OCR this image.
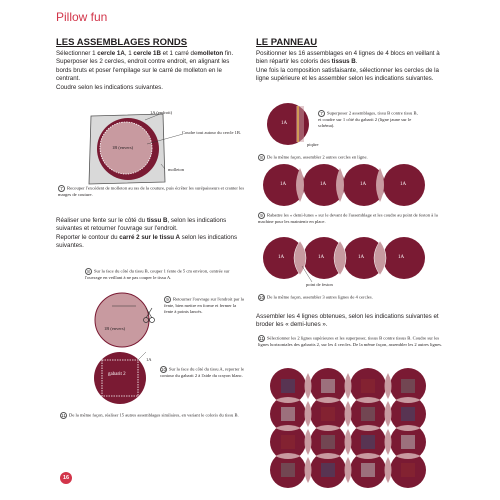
Pillow fun
LES ASSEMBLAGES RONDS
Sélectionner 1 cercle 1A, 1 cercle 1B et 1 carré demolleton fin.
Superposer les 2 cercles, endroit contre endroit, en alignant les bords bruts et poser l'empilage sur le carré de molleton en le centrant.
Coudre selon les indications suivantes.
1A (endroit)
1B (envers)
Coudre tout autour du cercle 1B.
molleton
7 Recouper l'excédent de molleton au ras de la couture, puis écrêter les surépaisseurs et cranter les marges de couture.
Réaliser une fente sur le côté du tissu B, selon les indications suivantes et retourner l'ouvrage sur l'endroit.
Reporter le contour du carré 2 sur le tissu A selon les indications suivantes.
8 Sur la face du côté du tissu B, couper 1 fente de 5 cm environ, centrée sur l'ouvrage en veillant à ne pas couper le tissu A.
1B (envers)
9 Retourner l'ouvrage sur l'endroit par la fente, bien mettre en forme et fermer la fente à points lancés.
gabarit 2
1A
10 Sur la face du côté du tissu A, reporter le contour du gabarit 2 à l'aide du crayon blanc.
11 De la même façon, réaliser 15 autres assemblages similaires, en variant le coloris du tissu B.
LE PANNEAU
Positionner les 16 assemblages en 4 lignes de 4 blocs en veillant à bien répartir les coloris des tissus B.
Une fois la composition satisfaisante, sélectionner les cercles de la ligne supérieure et les assembler selon les indications suivantes.
1A
piqûre
7 Superposer 2 assemblages, tissu B contre tissu B, et coudre sur 1 côté du gabarit 2 (ligne jaune sur le schéma).
8 De la même façon, assembler 2 autres cercles en ligne.
1A	1A	1A	1A
9 Rabattre les « demi-lunes » sur le devant de l'assemblage et les coudre au point de feston à la machine pour les maintenir en place.
1A	1A	1A	1A
point de feston
10 De la même façon, assembler 3 autres lignes de 4 cercles.
Assembler les 4 lignes obtenues, selon les indications suivantes et broder les « demi-lunes ».
11 Sélectionner les 2 lignes supérieures et les superposer, tissus B contre tissus B. Coudre sur les lignes horizontales des gabarits 2, sur les 4 cercles. De la même façon, assembler les 2 autres lignes.
16
